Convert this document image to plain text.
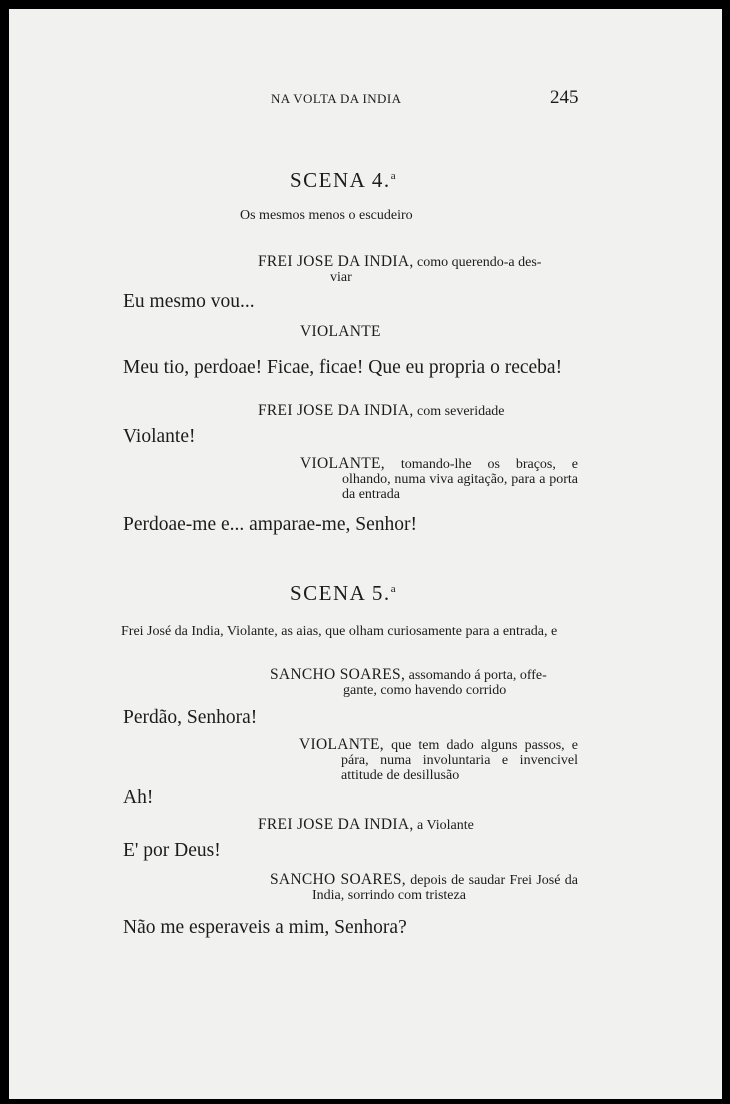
NA VOLTA DA INDIA	245
SCENA 4.$^a$
Os mesmos menos o escudeiro
FREI JOSE DA INDIA, como querendo-a des-
viar
Eu mesmo vou...
VIOLANTE
Meu tio, perdoae! Ficae, ficae! Que eu propria o receba!
FREI JOSE DA INDIA, com severidade
Violante!
VIOLANTE, tomando-lhe os braços, e olhando, numa viva agitação, para a porta da entrada
Perdoae-me e... amparae-me, Senhor!
SCENA 5.$^a$
Frei José da India, Violante, as aias, que olham curiosamente para a entrada, e
SANCHO SOARES, assomando á porta, offe-
gante, como havendo corrido
Perdão, Senhora!
VIOLANTE, que tem dado alguns passos, e pára, numa involuntaria e invencivel attitude de desillusão
Ah!
FREI JOSE DA INDIA, a Violante
E' por Deus!
SANCHO SOARES, depois de saudar Frei José da India, sorrindo com tristeza
Não me esperaveis a mim, Senhora?
